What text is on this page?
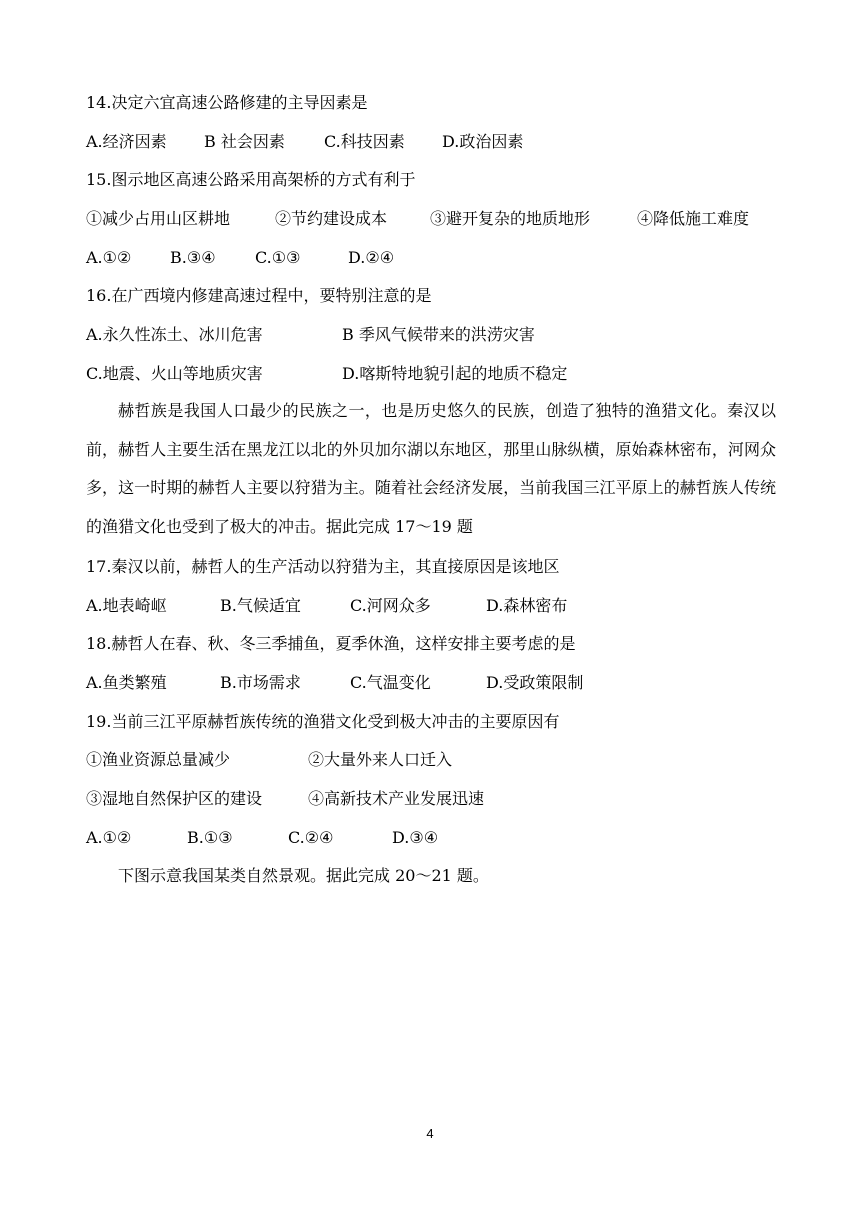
14.决定六宜高速公路修建的主导因素是
A.经济因素 B 社会因素 C.科技因素 D.政治因素
15.图示地区高速公路采用高架桥的方式有利于
①减少占用山区耕地	②节约建设成本	③避开复杂的地质地形	④降低施工难度
A.①② B.③④ C.①③	D.②④
16.在广西境内修建高速过程中，要特别注意的是
A.永久性冻土、冰川危害	B 季风气候带来的洪涝灾害
C.地震、火山等地质灾害	D.喀斯特地貌引起的地质不稳定
赫哲族是我国人口最少的民族之一，也是历史悠久的民族，创造了独特的渔猎文化。秦汉以前，赫哲人主要生活在黑龙江以北的外贝加尔湖以东地区，那里山脉纵横，原始森林密布，河网众多，这一时期的赫哲人主要以狩猎为主。随着社会经济发展，当前我国三江平原上的赫哲族人传统的渔猎文化也受到了极大的冲击。据此完成 17～19 题
17.秦汉以前，赫哲人的生产活动以狩猎为主，其直接原因是该地区
A.地表崎岖	B.气候适宜	C.河网众多	D.森林密布
18.赫哲人在春、秋、冬三季捕鱼，夏季休渔，这样安排主要考虑的是
A.鱼类繁殖	B.市场需求	C.气温变化	D.受政策限制
19.当前三江平原赫哲族传统的渔猎文化受到极大冲击的主要原因有
①渔业资源总量减少	②大量外来人口迁入
③湿地自然保护区的建设	④高新技术产业发展迅速
A.①②	B.①③	C.②④	D.③④
下图示意我国某类自然景观。据此完成 20～21 题。
4
